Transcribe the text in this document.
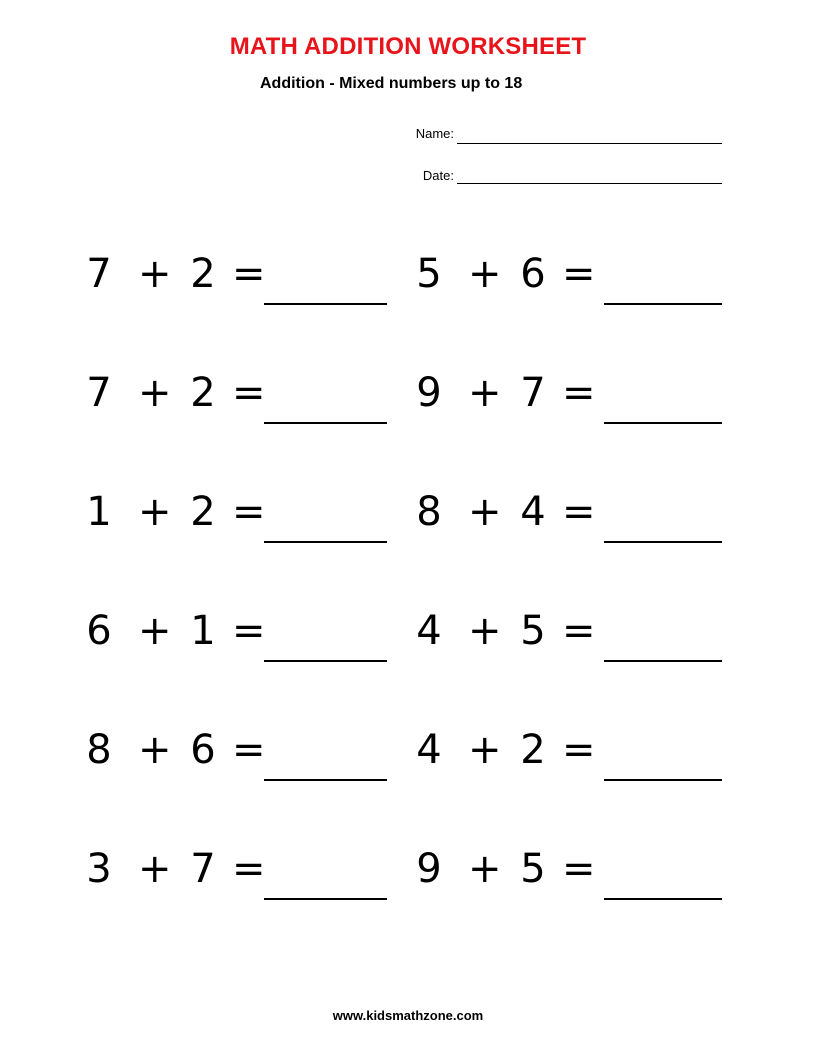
MATH ADDITION WORKSHEET
Addition - Mixed numbers up to 18
Name:
Date:
7 + 2 =	5 + 6 =
7 + 2 =	9 + 7 =
1 + 2 =	8 + 4 =
6 + 1 =	4 + 5 =
8 + 6 =	4 + 2 =
3 + 7 =	9 + 5 =
www.kidsmathzone.com
